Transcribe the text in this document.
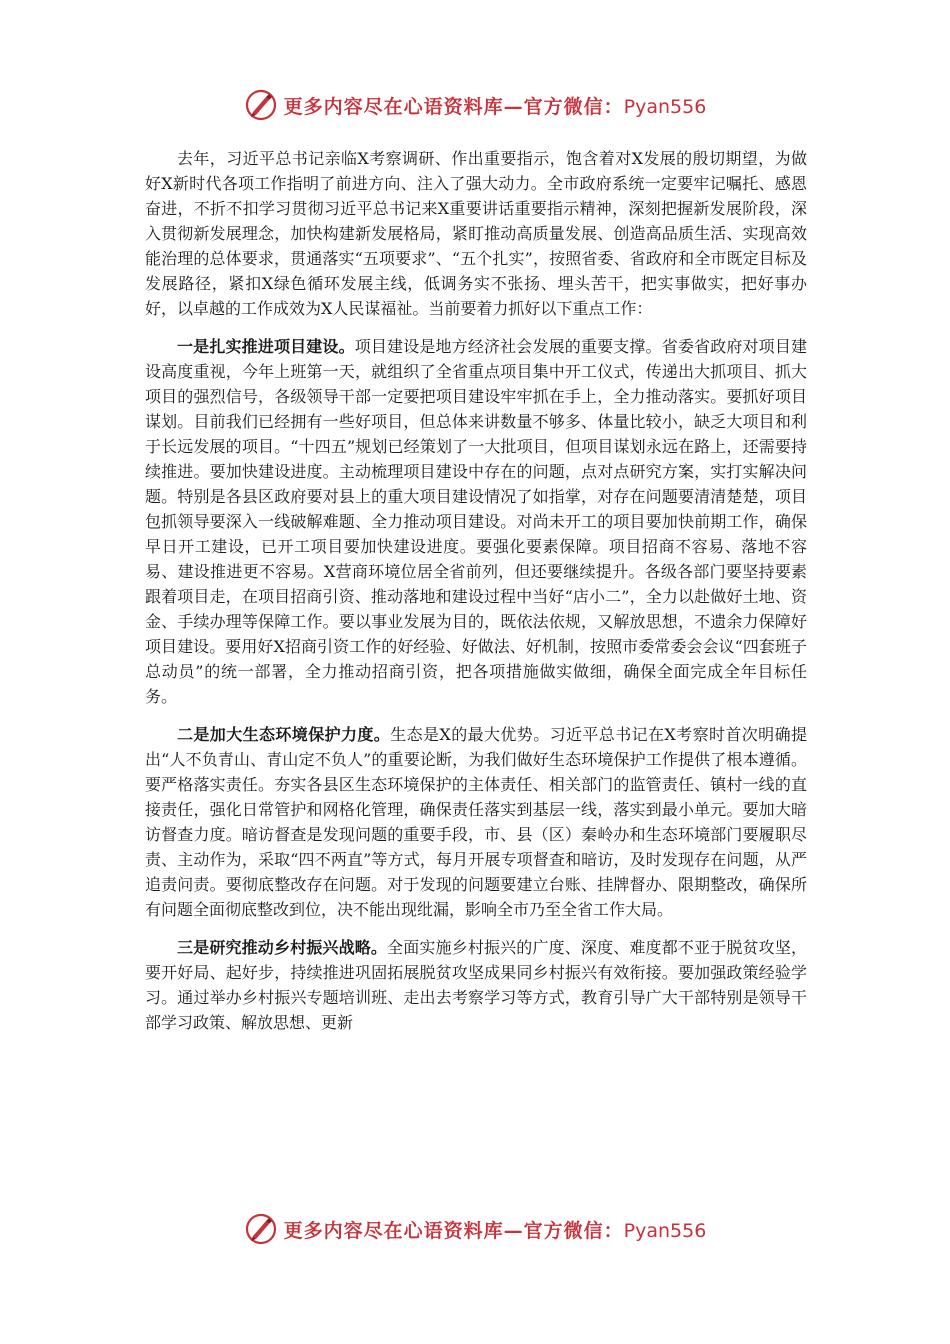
更多内容尽在心语资料库—官方微信：Pyan556

去年，习近平总书记亲临X考察调研、作出重要指示，饱含着对X发展的殷切期望，为做好X新时代各项工作指明了前进方向、注入了强大动力。全市政府系统一定要牢记嘱托、感恩奋进，不折不扣学习贯彻习近平总书记来X重要讲话重要指示精神，深刻把握新发展阶段，深入贯彻新发展理念，加快构建新发展格局，紧盯推动高质量发展、创造高品质生活、实现高效能治理的总体要求，贯通落实“五项要求”、“五个扎实”，按照省委、省政府和全市既定目标及发展路径，紧扣X绿色循环发展主线，低调务实不张扬、埋头苦干，把实事做实，把好事办好，以卓越的工作成效为X人民谋福祉。当前要着力抓好以下重点工作：

一是扎实推进项目建设。项目建设是地方经济社会发展的重要支撑。省委省政府对项目建设高度重视，今年上班第一天，就组织了全省重点项目集中开工仪式，传递出大抓项目、抓大项目的强烈信号，各级领导干部一定要把项目建设牢牢抓在手上，全力推动落实。要抓好项目谋划。目前我们已经拥有一些好项目，但总体来讲数量不够多、体量比较小，缺乏大项目和利于长远发展的项目。“十四五”规划已经策划了一大批项目，但项目谋划永远在路上，还需要持续推进。要加快建设进度。主动梳理项目建设中存在的问题，点对点研究方案，实打实解决问题。特别是各县区政府要对县上的重大项目建设情况了如指掌，对存在问题要清清楚楚，项目包抓领导要深入一线破解难题、全力推动项目建设。对尚未开工的项目要加快前期工作，确保早日开工建设，已开工项目要加快建设进度。要强化要素保障。项目招商不容易、落地不容易、建设推进更不容易。X营商环境位居全省前列，但还要继续提升。各级各部门要坚持要素跟着项目走，在项目招商引资、推动落地和建设过程中当好“店小二”，全力以赴做好土地、资金、手续办理等保障工作。要以事业发展为目的，既依法依规，又解放思想，不遗余力保障好项目建设。要用好X招商引资工作的好经验、好做法、好机制，按照市委常委会会议“四套班子总动员”的统一部署，全力推动招商引资，把各项措施做实做细，确保全面完成全年目标任务。

二是加大生态环境保护力度。生态是X的最大优势。习近平总书记在X考察时首次明确提出“人不负青山、青山定不负人”的重要论断，为我们做好生态环境保护工作提供了根本遵循。要严格落实责任。夯实各县区生态环境保护的主体责任、相关部门的监管责任、镇村一线的直接责任，强化日常管护和网格化管理，确保责任落实到基层一线，落实到最小单元。要加大暗访督查力度。暗访督查是发现问题的重要手段，市、县（区）秦岭办和生态环境部门要履职尽责、主动作为，采取“四不两直”等方式，每月开展专项督查和暗访，及时发现存在问题，从严追责问责。要彻底整改存在问题。对于发现的问题要建立台账、挂牌督办、限期整改，确保所有问题全面彻底整改到位，决不能出现纰漏，影响全市乃至全省工作大局。

三是研究推动乡村振兴战略。全面实施乡村振兴的广度、深度、难度都不亚于脱贫攻坚，要开好局、起好步，持续推进巩固拓展脱贫攻坚成果同乡村振兴有效衔接。要加强政策经验学习。通过举办乡村振兴专题培训班、走出去考察学习等方式，教育引导广大干部特别是领导干部学习政策、解放思想、更新

更多内容尽在心语资料库—官方微信：Pyan556
